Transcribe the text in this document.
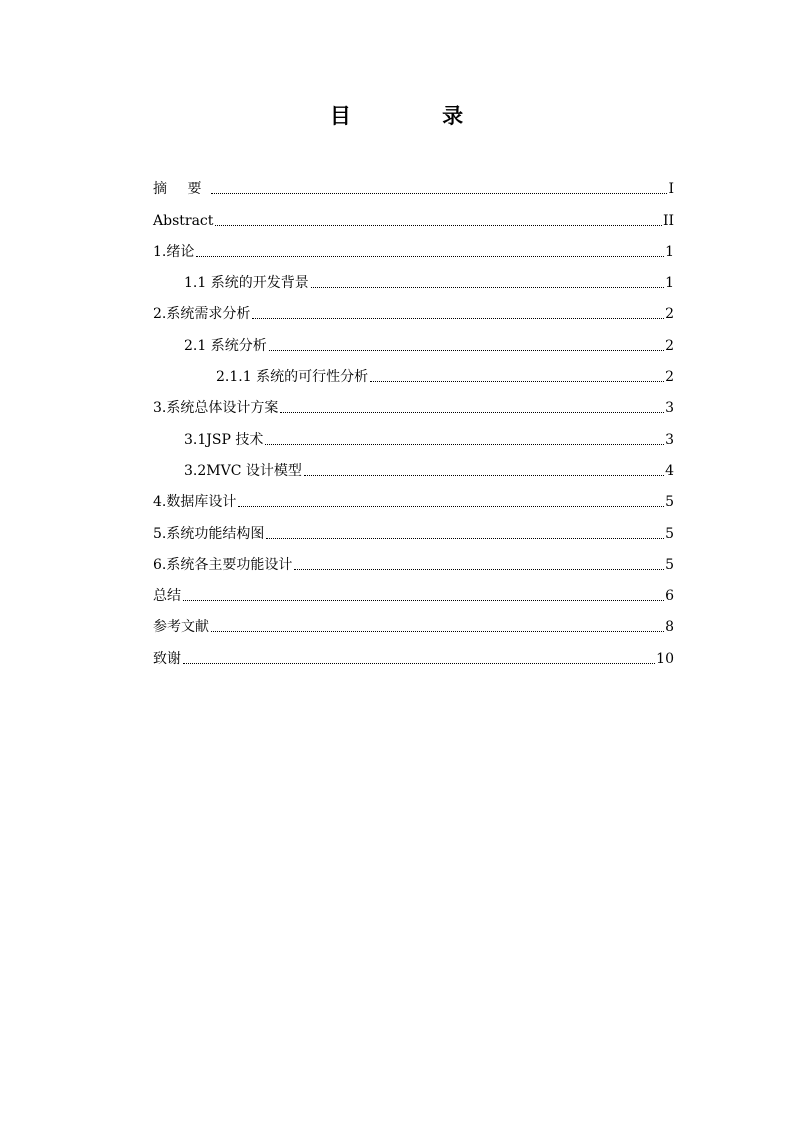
目 录
摘 要	I
Abstract	II
1.绪论	1
1.1 系统的开发背景	1
2.系统需求分析	2
2.1 系统分析	2
2.1.1 系统的可行性分析	2
3.系统总体设计方案	3
3.1JSP 技术	3
3.2MVC 设计模型	4
4.数据库设计	5
5.系统功能结构图	5
6.系统各主要功能设计	5
总结	6
参考文献	8
致谢	10
